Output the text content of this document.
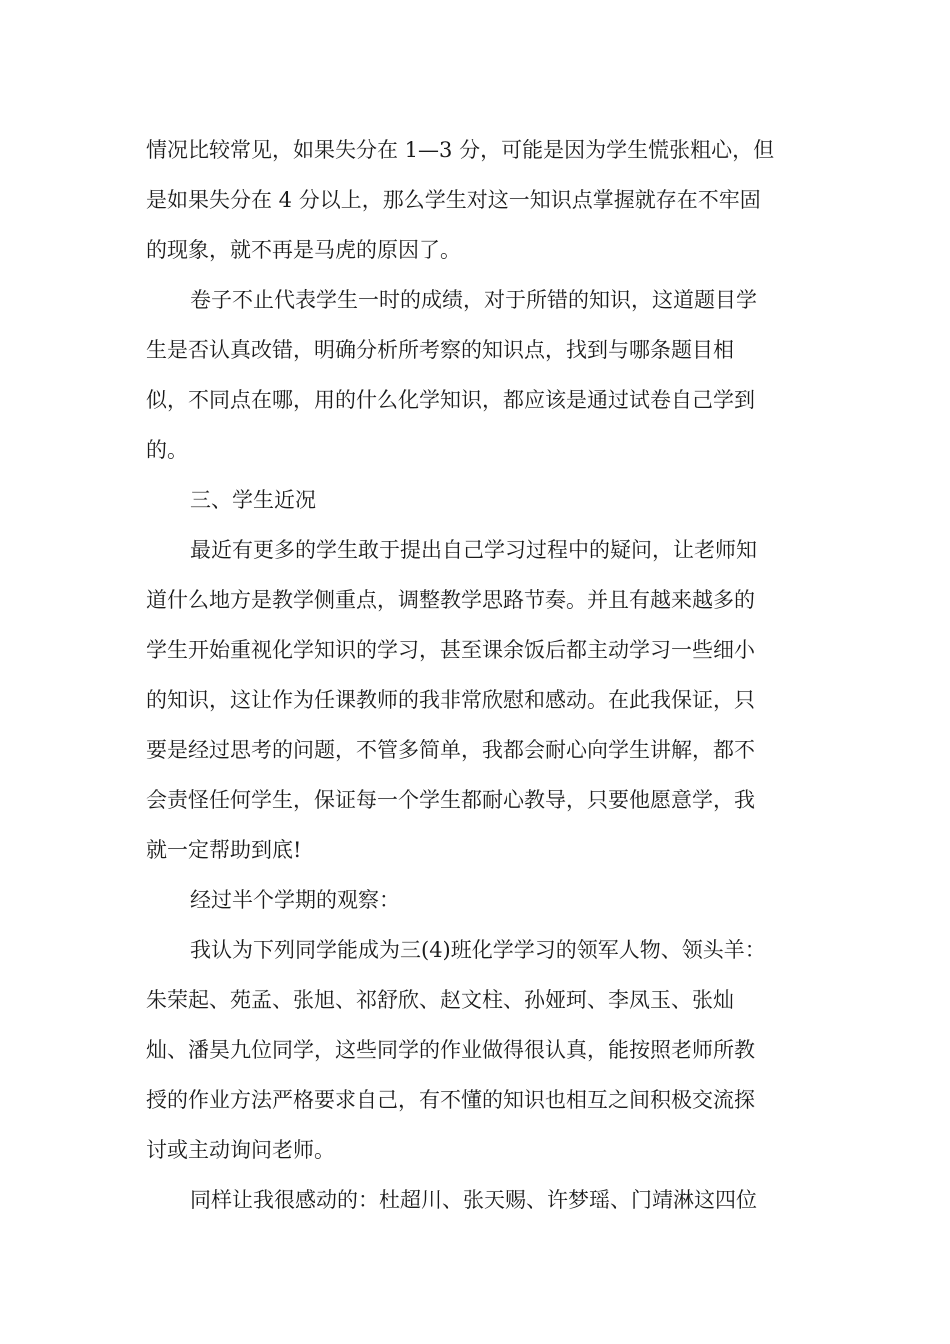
情况比较常见，如果失分在 1—3 分，可能是因为学生慌张粗心，但
是如果失分在 4 分以上，那么学生对这一知识点掌握就存在不牢固
的现象，就不再是马虎的原因了。
卷子不止代表学生一时的成绩，对于所错的知识，这道题目学
生是否认真改错，明确分析所考察的知识点，找到与哪条题目相
似，不同点在哪，用的什么化学知识，都应该是通过试卷自己学到
的。
三、学生近况
最近有更多的学生敢于提出自己学习过程中的疑问，让老师知
道什么地方是教学侧重点，调整教学思路节奏。并且有越来越多的
学生开始重视化学知识的学习，甚至课余饭后都主动学习一些细小
的知识，这让作为任课教师的我非常欣慰和感动。在此我保证，只
要是经过思考的问题，不管多简单，我都会耐心向学生讲解，都不
会责怪任何学生，保证每一个学生都耐心教导，只要他愿意学，我
就一定帮助到底!
经过半个学期的观察：
我认为下列同学能成为三(4)班化学学习的领军人物、领头羊：
朱荣起、苑孟、张旭、祁舒欣、赵文柱、孙娅珂、李凤玉、张灿
灿、潘昊九位同学，这些同学的作业做得很认真，能按照老师所教
授的作业方法严格要求自己，有不懂的知识也相互之间积极交流探
讨或主动询问老师。
同样让我很感动的：杜超川、张天赐、许梦瑶、门靖淋这四位
